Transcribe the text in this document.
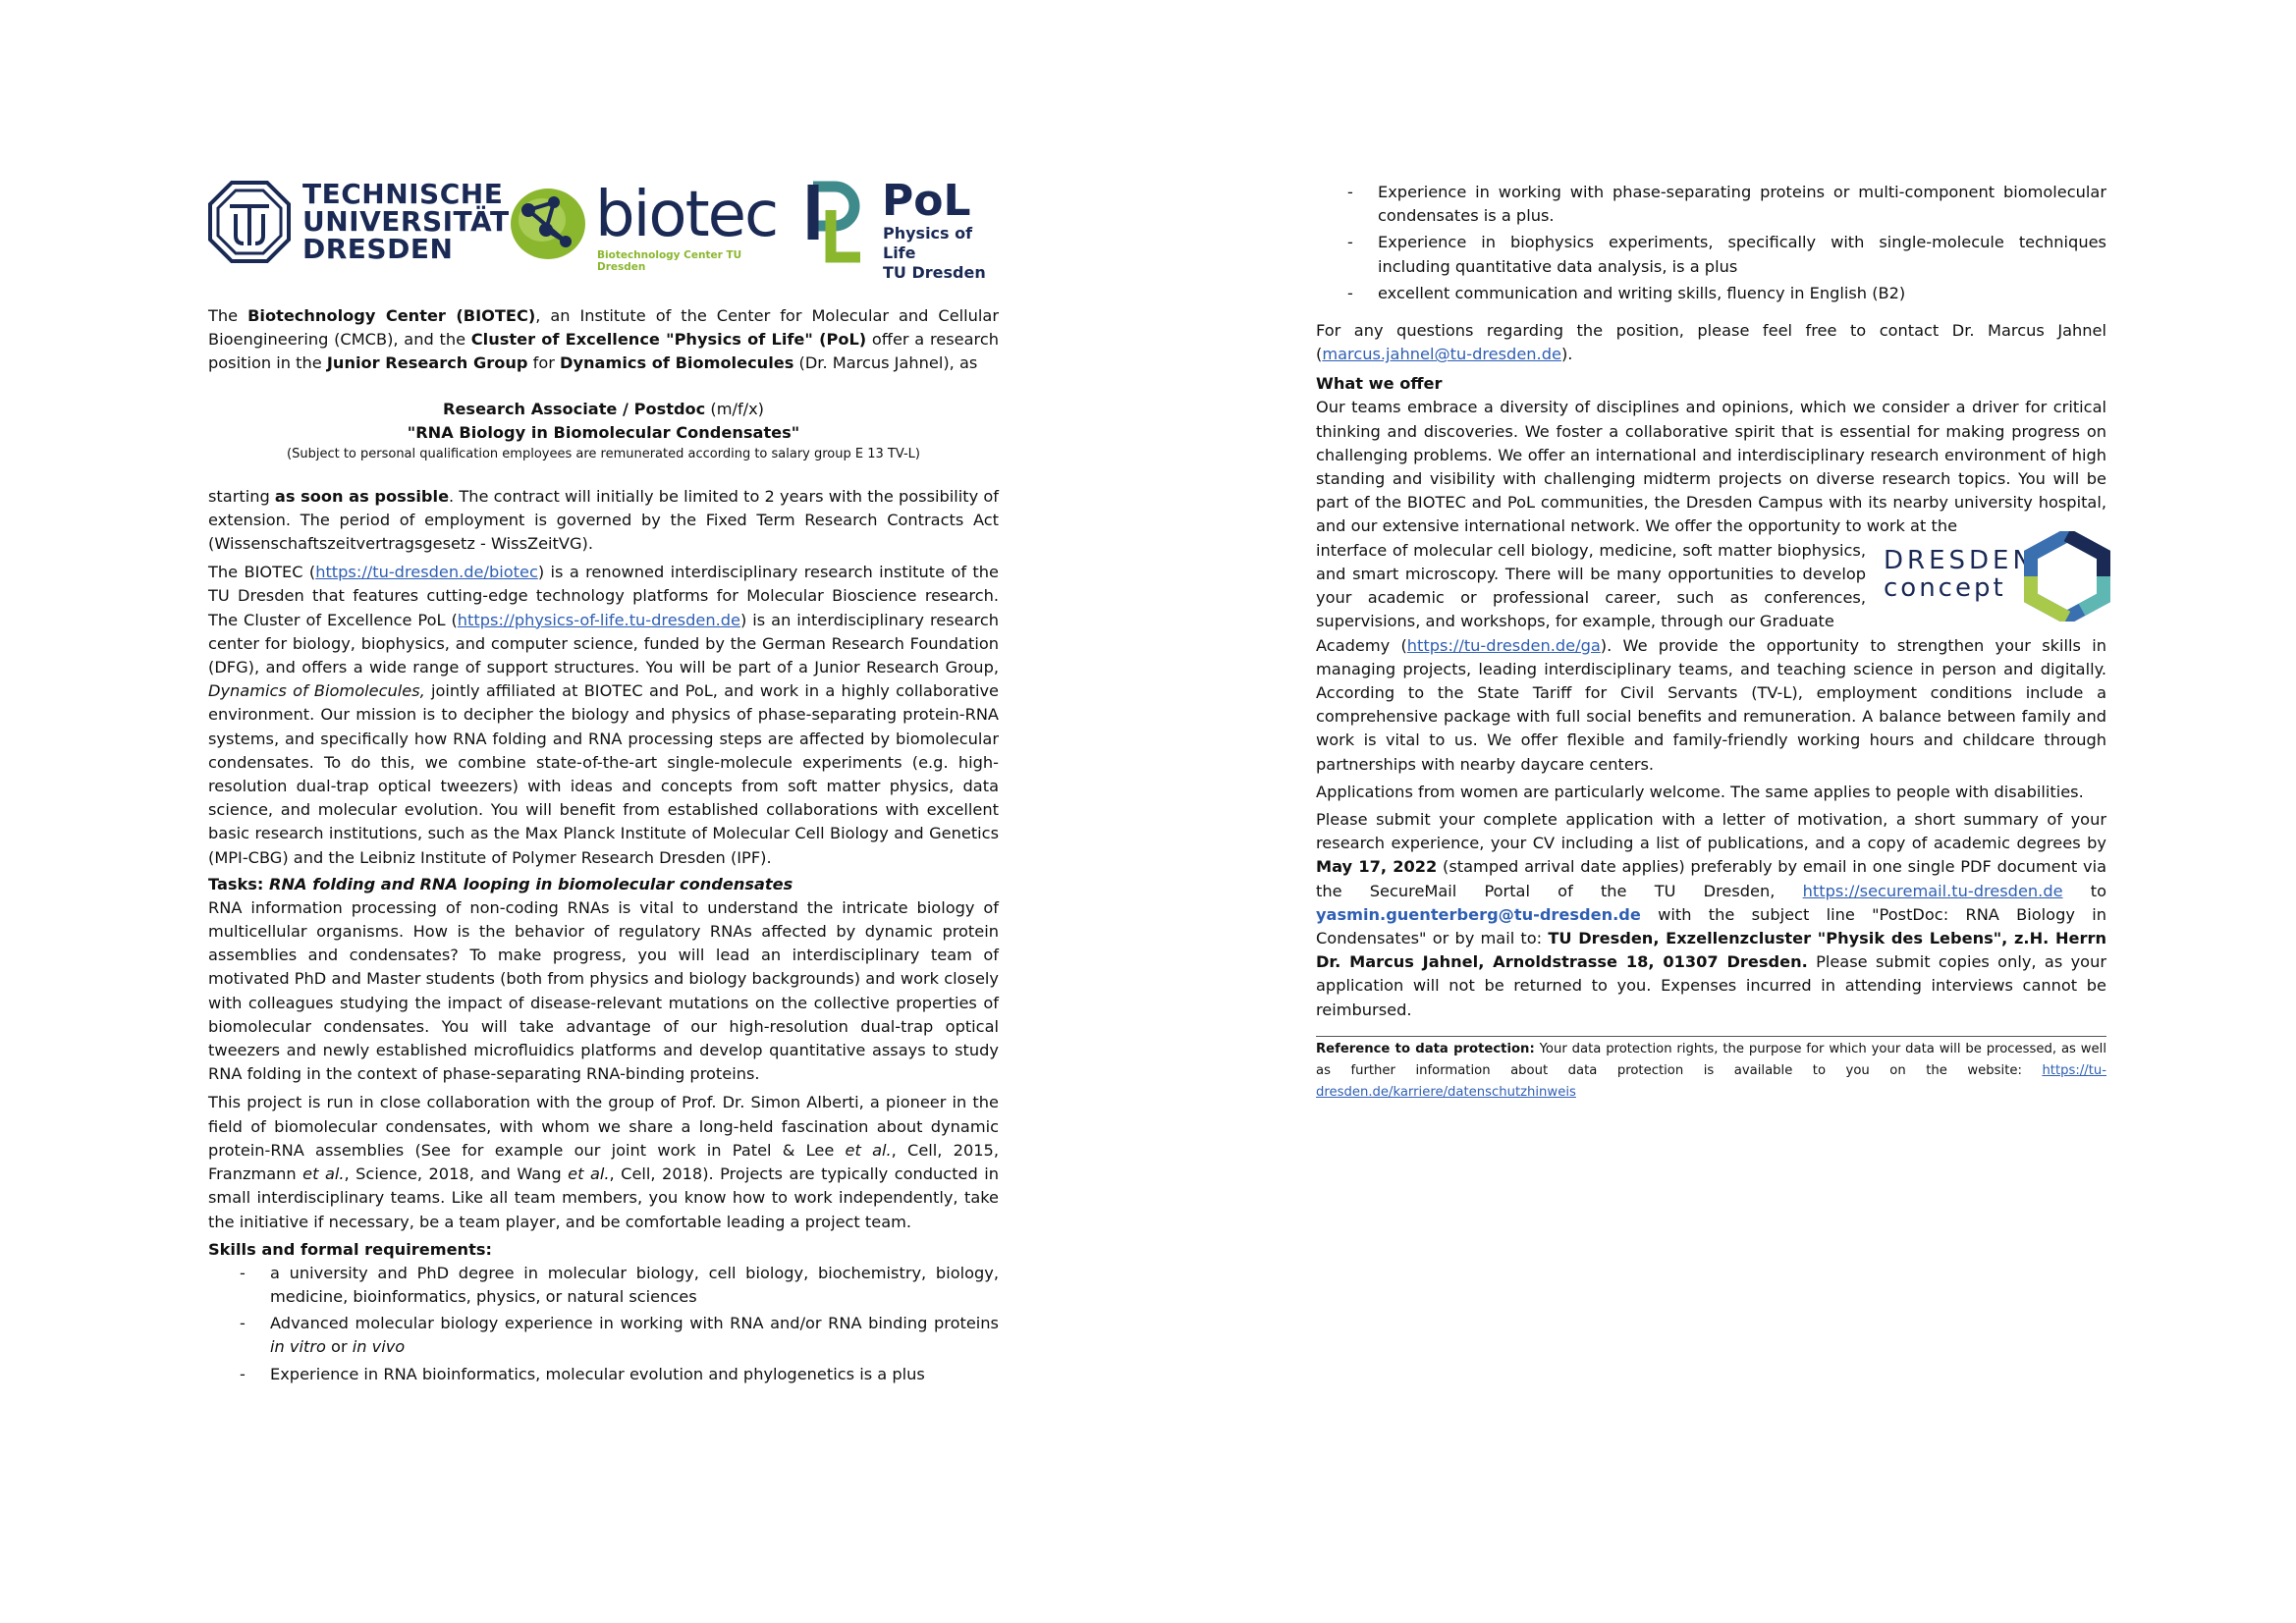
TECHNISCHE
UNIVERSITÄT
DRESDEN	biotec
Biotechnology Center TU Dresden
PoL
Physics of Life
TU Dresden

The Biotechnology Center (BIOTEC), an Institute of the Center for Molecular and Cellular Bioengineering (CMCB), and the Cluster of Excellence "Physics of Life" (PoL) offer a research position in the Junior Research Group for Dynamics of Biomolecules (Dr. Marcus Jahnel), as

Research Associate / Postdoc (m/f/x)
"RNA Biology in Biomolecular Condensates"
(Subject to personal qualification employees are remunerated according to salary group E 13 TV-L)

starting as soon as possible. The contract will initially be limited to 2 years with the possibility of extension. The period of employment is governed by the Fixed Term Research Contracts Act (Wissenschaftszeitvertragsgesetz - WissZeitVG).

The BIOTEC (https://tu-dresden.de/biotec) is a renowned interdisciplinary research institute of the TU Dresden that features cutting-edge technology platforms for Molecular Bioscience research. The Cluster of Excellence PoL (https://physics-of-life.tu-dresden.de) is an interdisciplinary research center for biology, biophysics, and computer science, funded by the German Research Foundation (DFG), and offers a wide range of support structures. You will be part of a Junior Research Group, Dynamics of Biomolecules, jointly affiliated at BIOTEC and PoL, and work in a highly collaborative environment. Our mission is to decipher the biology and physics of phase-separating protein-RNA systems, and specifically how RNA folding and RNA processing steps are affected by biomolecular condensates. To do this, we combine state-of-the-art single-molecule experiments (e.g. high-resolution dual-trap optical tweezers) with ideas and concepts from soft matter physics, data science, and molecular evolution. You will benefit from established collaborations with excellent basic research institutions, such as the Max Planck Institute of Molecular Cell Biology and Genetics (MPI-CBG) and the Leibniz Institute of Polymer Research Dresden (IPF).

Tasks: RNA folding and RNA looping in biomolecular condensates

RNA information processing of non-coding RNAs is vital to understand the intricate biology of multicellular organisms. How is the behavior of regulatory RNAs affected by dynamic protein assemblies and condensates? To make progress, you will lead an interdisciplinary team of motivated PhD and Master students (both from physics and biology backgrounds) and work closely with colleagues studying the impact of disease-relevant mutations on the collective properties of biomolecular condensates. You will take advantage of our high-resolution dual-trap optical tweezers and newly established microfluidics platforms and develop quantitative assays to study RNA folding in the context of phase-separating RNA-binding proteins.

This project is run in close collaboration with the group of Prof. Dr. Simon Alberti, a pioneer in the field of biomolecular condensates, with whom we share a long-held fascination about dynamic protein-RNA assemblies (See for example our joint work in Patel & Lee et al., Cell, 2015, Franzmann et al., Science, 2018, and Wang et al., Cell, 2018). Projects are typically conducted in small interdisciplinary teams. Like all team members, you know how to work independently, take the initiative if necessary, be a team player, and be comfortable leading a project team.

Skills and formal requirements:
- a university and PhD degree in molecular biology, cell biology, biochemistry, biology, medicine, bioinformatics, physics, or natural sciences
- Advanced molecular biology experience in working with RNA and/or RNA binding proteins in vitro or in vivo
- Experience in RNA bioinformatics, molecular evolution and phylogenetics is a plus
- Experience in working with phase-separating proteins or multi-component biomolecular condensates is a plus.
- Experience in biophysics experiments, specifically with single-molecule techniques including quantitative data analysis, is a plus
- excellent communication and writing skills, fluency in English (B2)

For any questions regarding the position, please feel free to contact Dr. Marcus Jahnel (marcus.jahnel@tu-dresden.de).

What we offer

Our teams embrace a diversity of disciplines and opinions, which we consider a driver for critical thinking and discoveries. We foster a collaborative spirit that is essential for making progress on challenging problems. We offer an international and interdisciplinary research environment of high standing and visibility with challenging midterm projects on diverse research topics. You will be part of the BIOTEC and PoL communities, the Dresden Campus with its nearby university hospital, and our extensive international network. We offer the opportunity to work at the

interface of molecular cell biology, medicine, soft matter biophysics, and smart microscopy. There will be many opportunities to develop your academic or professional career, such as conferences, supervisions, and workshops, for example, through our Graduate

DRESDEN
concept

Academy (https://tu-dresden.de/ga). We provide the opportunity to strengthen your skills in managing projects, leading interdisciplinary teams, and teaching science in person and digitally. According to the State Tariff for Civil Servants (TV-L), employment conditions include a comprehensive package with full social benefits and remuneration. A balance between family and work is vital to us. We offer flexible and family-friendly working hours and childcare through partnerships with nearby daycare centers.

Applications from women are particularly welcome. The same applies to people with disabilities.

Please submit your complete application with a letter of motivation, a short summary of your research experience, your CV including a list of publications, and a copy of academic degrees by May 17, 2022 (stamped arrival date applies) preferably by email in one single PDF document via the SecureMail Portal of the TU Dresden, https://securemail.tu-dresden.de to yasmin.guenterberg@tu-dresden.de with the subject line "PostDoc: RNA Biology in Condensates" or by mail to: TU Dresden, Exzellenzcluster "Physik des Lebens", z.H. Herrn Dr. Marcus Jahnel, Arnoldstrasse 18, 01307 Dresden. Please submit copies only, as your application will not be returned to you. Expenses incurred in attending interviews cannot be reimbursed.

Reference to data protection: Your data protection rights, the purpose for which your data will be processed, as well as further information about data protection is available to you on the website: https://tu-dresden.de/karriere/datenschutzhinweis
